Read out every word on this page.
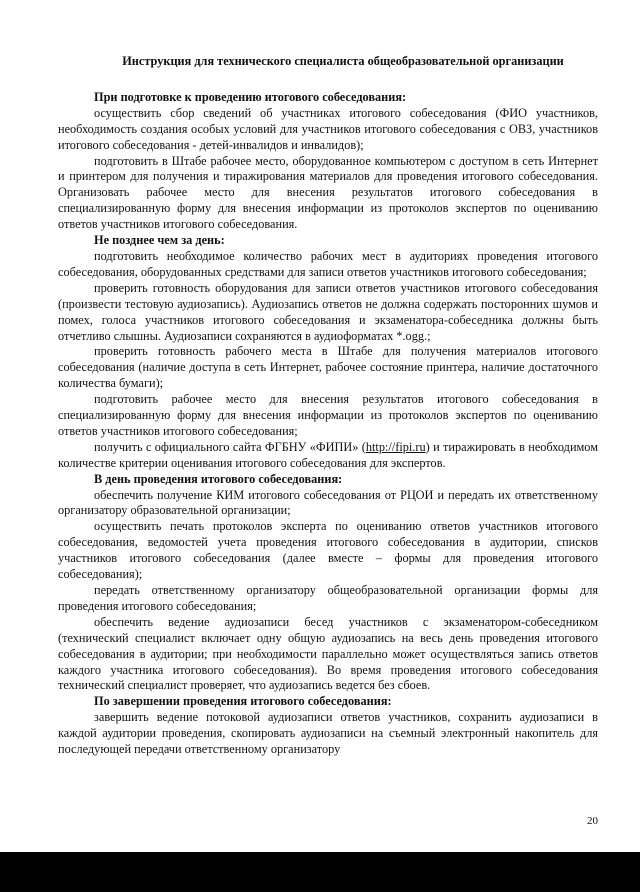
Инструкция для технического специалиста общеобразовательной организации

При подготовке к проведению итогового собеседования:

осуществить сбор сведений об участниках итогового собеседования (ФИО участников, необходимость создания особых условий для участников итогового собеседования с ОВЗ, участников итогового собеседования - детей-инвалидов и инвалидов);

подготовить в Штабе рабочее место, оборудованное компьютером с доступом в сеть Интернет и принтером для получения и тиражирования материалов для проведения итогового собеседования. Организовать рабочее место для внесения результатов итогового собеседования в специализированную форму для внесения информации из протоколов экспертов по оцениванию ответов участников итогового собеседования.

Не позднее чем за день:

подготовить необходимое количество рабочих мест в аудиториях проведения итогового собеседования, оборудованных средствами для записи ответов участников итогового собеседования;

проверить готовность оборудования для записи ответов участников итогового собеседования (произвести тестовую аудиозапись). Аудиозапись ответов не должна содержать посторонних шумов и помех, голоса участников итогового собеседования и экзаменатора-собеседника должны быть отчетливо слышны. Аудиозаписи сохраняются в аудиоформатах *.ogg.;

проверить готовность рабочего места в Штабе для получения материалов итогового собеседования (наличие доступа в сеть Интернет, рабочее состояние принтера, наличие достаточного количества бумаги);

подготовить рабочее место для внесения результатов итогового собеседования в специализированную форму для внесения информации из протоколов экспертов по оцениванию ответов участников итогового собеседования;

получить с официального сайта ФГБНУ «ФИПИ» (http://fipi.ru) и тиражировать в необходимом количестве критерии оценивания итогового собеседования для экспертов.

В день проведения итогового собеседования:

обеспечить получение КИМ итогового собеседования от РЦОИ и передать их ответственному организатору образовательной организации;

осуществить печать протоколов эксперта по оцениванию ответов участников итогового собеседования, ведомостей учета проведения итогового собеседования в аудитории, списков участников итогового собеседования (далее вместе – формы для проведения итогового собеседования);

передать ответственному организатору общеобразовательной организации формы для проведения итогового собеседования;

обеспечить ведение аудиозаписи бесед участников с экзаменатором-собеседником (технический специалист включает одну общую аудиозапись на весь день проведения итогового собеседования в аудитории; при необходимости параллельно может осуществляться запись ответов каждого участника итогового собеседования). Во время проведения итогового собеседования технический специалист проверяет, что аудиозапись ведется без сбоев.

По завершении проведения итогового собеседования:

завершить ведение потоковой аудиозаписи ответов участников, сохранить аудиозаписи в каждой аудитории проведения, скопировать аудиозаписи на съемный электронный накопитель для последующей передачи ответственному организатору

20
